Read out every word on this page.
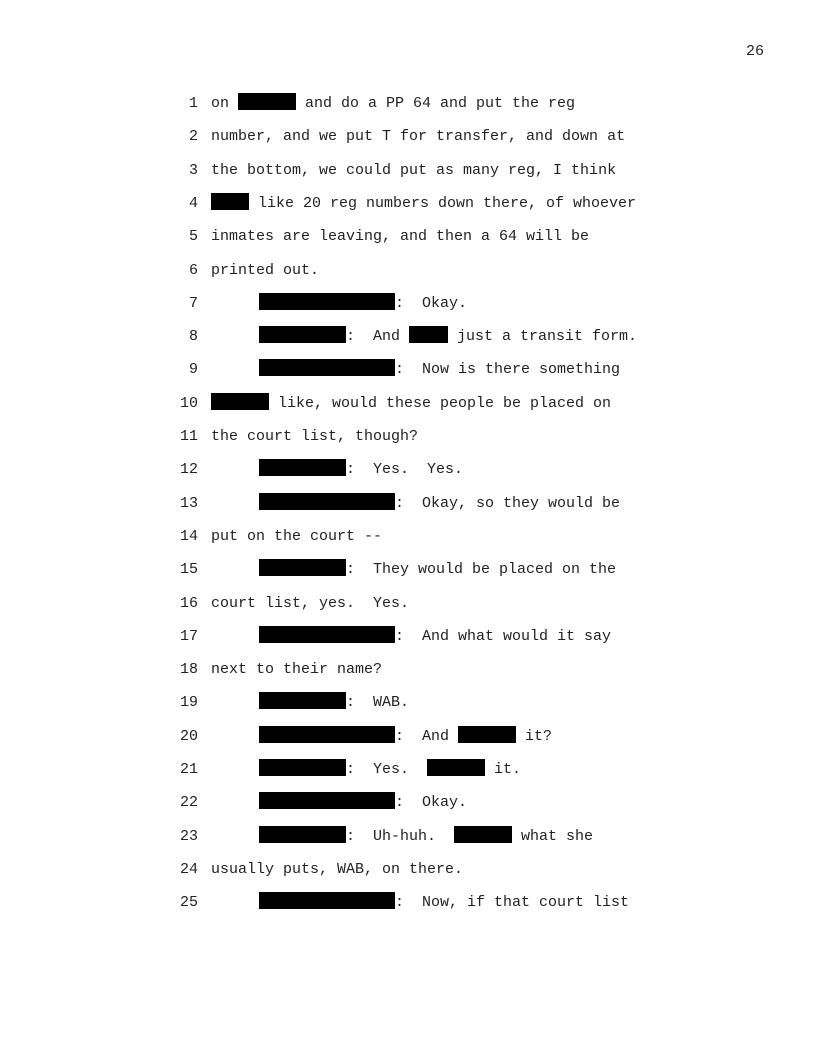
26
1 on	and do a PP 64 and put the reg
2 number, and we put T for transfer, and down at
3 the bottom, we could put as many reg, I think
4	like 20 reg numbers down there, of whoever
5 inmates are leaving, and then a 64 will be
6 printed out.
7	:  Okay.
8	:  And	just a transit form.
9	:  Now is there something
10	like, would these people be placed on
11 the court list, though?
12	:  Yes.  Yes.
13	:  Okay, so they would be
14 put on the court --
15	:  They would be placed on the
16 court list, yes.  Yes.
17	:  And what would it say
18 next to their name?
19	:  WAB.
20	:  And	it?
21	:  Yes.	it.
22	:  Okay.
23	:  Uh-huh.	what she
24 usually puts, WAB, on there.
25	:  Now, if that court list
